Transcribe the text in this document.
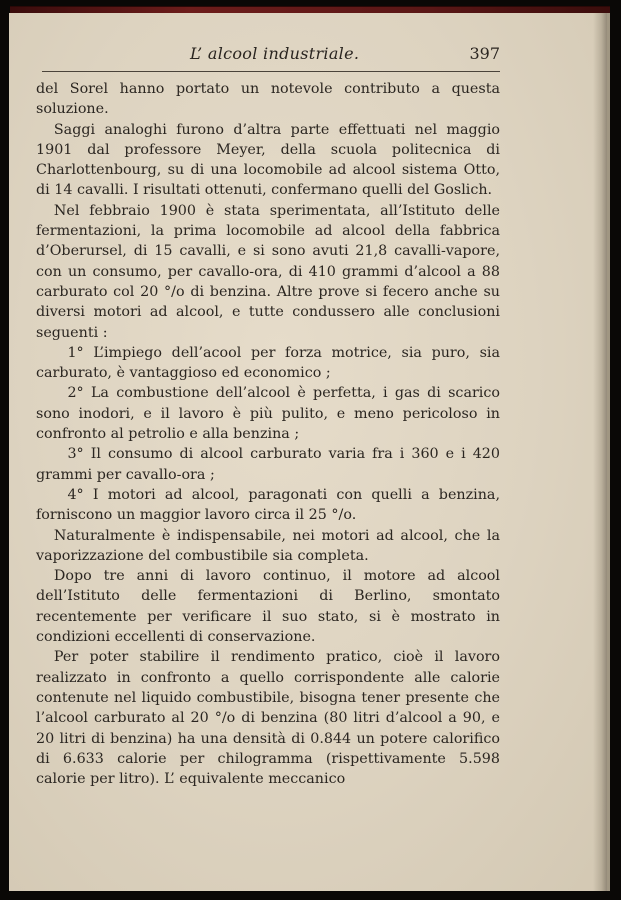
L’ alcool industriale.	397

del Sorel hanno portato un notevole contributo a questa soluzione.

Saggi analoghi furono d’altra parte effettuati nel maggio 1901 dal professore Meyer, della scuola politecnica di Charlottenbourg, su di una locomobile ad alcool sistema Otto, di 14 cavalli. I risultati ottenuti, confermano quelli del Goslich.

Nel febbraio 1900 è stata sperimentata, all’Istituto delle fermentazioni, la prima locomobile ad alcool della fabbrica d’Oberursel, di 15 cavalli, e si sono avuti 21,8 cavalli-vapore, con un consumo, per cavallo-ora, di 410 grammi d’alcool a 88 carburato col 20 °/o di benzina. Altre prove si fecero anche su diversi motori ad alcool, e tutte condussero alle conclusioni seguenti :

1° L’impiego dell’acool per forza motrice, sia puro, sia carburato, è vantaggioso ed economico ;

2° La combustione dell’alcool è perfetta, i gas di scarico sono inodori, e il lavoro è più pulito, e meno pericoloso in confronto al petrolio e alla benzina ;

3° Il consumo di alcool carburato varia fra i 360 e i 420 grammi per cavallo-ora ;

4° I motori ad alcool, paragonati con quelli a benzina, forniscono un maggior lavoro circa il 25 °/o.

Naturalmente è indispensabile, nei motori ad alcool, che la vaporizzazione del combustibile sia completa.

Dopo tre anni di lavoro continuo, il motore ad alcool dell’Istituto delle fermentazioni di Berlino, smontato recentemente per verificare il suo stato, si è mostrato in condizioni eccellenti di conservazione.

Per poter stabilire il rendimento pratico, cioè il lavoro realizzato in confronto a quello corrispondente alle calorie contenute nel liquido combustibile, bisogna tener presente che l’alcool carburato al 20 °/o di benzina (80 litri d’alcool a 90, e 20 litri di benzina) ha una densità di 0.844 un potere calorifico di 6.633 calorie per chilogramma (rispettivamente 5.598 calorie per litro). L’ equivalente meccanico
